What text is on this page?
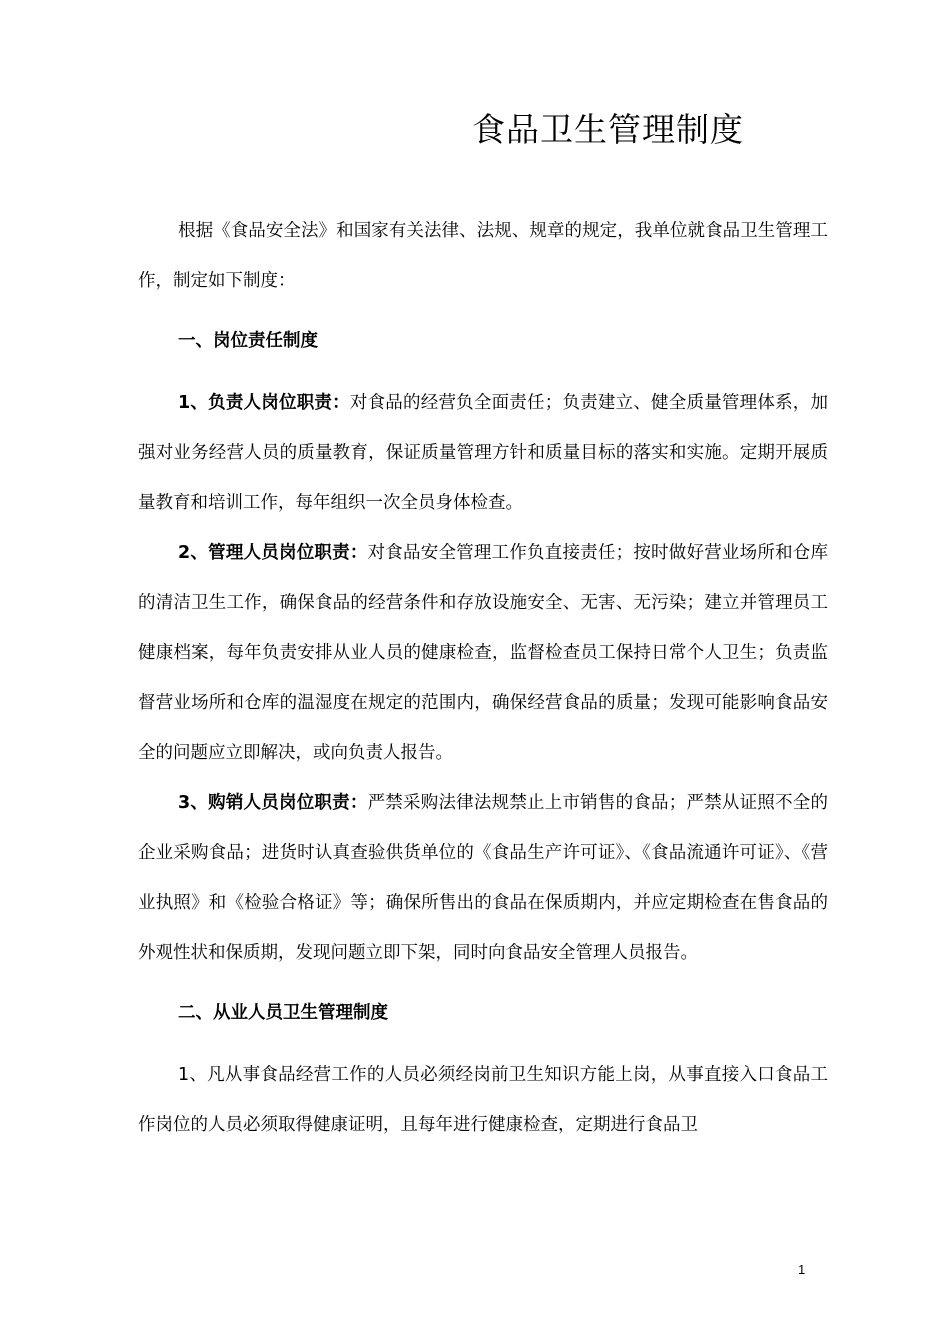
食品卫生管理制度

根据《食品安全法》和国家有关法律、法规、规章的规定，我单位就食品卫生管理工作，制定如下制度：

一、岗位责任制度

1、负责人岗位职责：对食品的经营负全面责任；负责建立、健全质量管理体系，加强对业务经营人员的质量教育，保证质量管理方针和质量目标的落实和实施。定期开展质量教育和培训工作，每年组织一次全员身体检查。

2、管理人员岗位职责：对食品安全管理工作负直接责任；按时做好营业场所和仓库的清洁卫生工作，确保食品的经营条件和存放设施安全、无害、无污染；建立并管理员工健康档案，每年负责安排从业人员的健康检查，监督检查员工保持日常个人卫生；负责监督营业场所和仓库的温湿度在规定的范围内，确保经营食品的质量；发现可能影响食品安全的问题应立即解决，或向负责人报告。

3、购销人员岗位职责：严禁采购法律法规禁止上市销售的食品；严禁从证照不全的企业采购食品；进货时认真查验供货单位的《食品生产许可证》、《食品流通许可证》、《营业执照》和《检验合格证》等；确保所售出的食品在保质期内，并应定期检查在售食品的外观性状和保质期，发现问题立即下架，同时向食品安全管理人员报告。

二、从业人员卫生管理制度

1、凡从事食品经营工作的人员必须经岗前卫生知识方能上岗，从事直接入口食品工作岗位的人员必须取得健康证明，且每年进行健康检查，定期进行食品卫

1
